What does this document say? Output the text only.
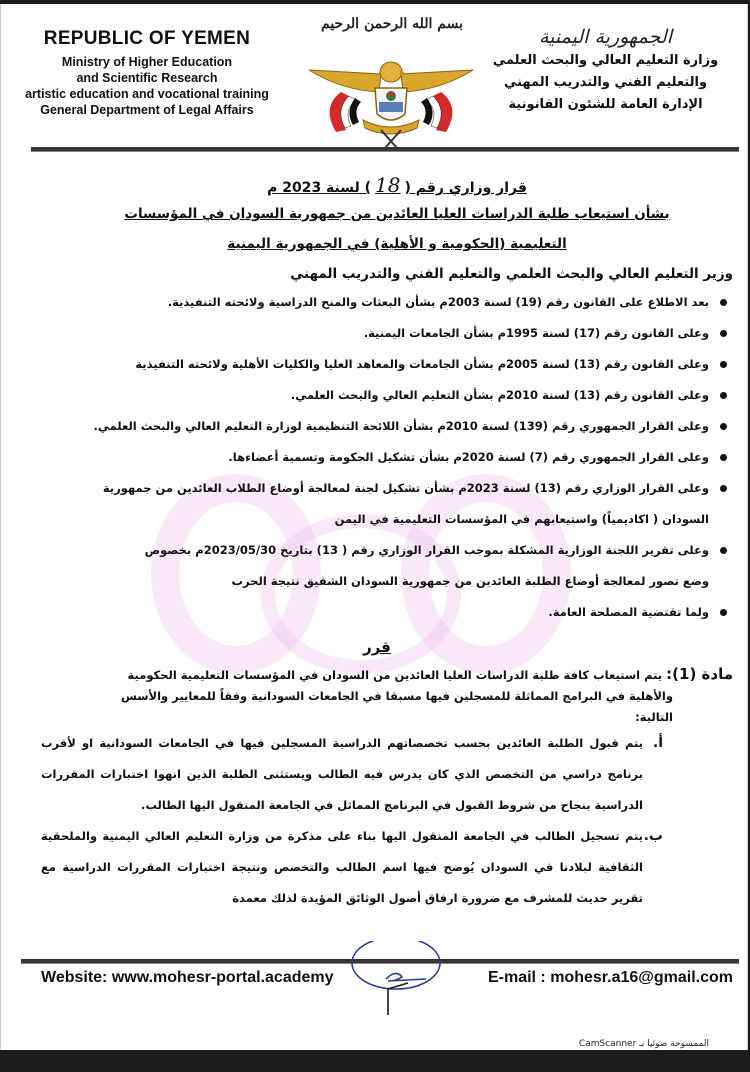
REPUBLIC OF YEMEN
Ministry of Higher Education
and Scientific Research
artistic education and vocational training
General Department of Legal Affairs
بسم الله الرحمن الرحيم
الجمهورية اليمنية
وزارة التعليم العالي والبحث العلمي
والتعليم الفني والتدريب المهني
الإدارة العامة للشئون القانونية
قرار وزاري رقم (18) لسنة 2023 م
بشأن استيعاب طلبة الدراسات العليا العائدين من جمهورية السودان في المؤسسات
التعليمية (الحكومية و الأهلية) في الجمهورية اليمنية
وزير التعليم العالي والبحث العلمي والتعليم الفني والتدريب المهني
بعد الاطلاع على القانون رقم (19) لسنة 2003م بشأن البعثات والمنح الدراسية ولائحته التنفيذية.
وعلى القانون رقم (17) لسنة 1995م بشأن الجامعات اليمنية.
وعلى القانون رقم (13) لسنة 2005م بشأن الجامعات والمعاهد العليا والكليات الأهلية ولائحته التنفيذية
وعلى القانون رقم (13) لسنة 2010م بشأن التعليم العالي والبحث العلمي.
وعلى القرار الجمهوري رقم (139) لسنة 2010م بشأن اللائحة التنظيمية لوزارة التعليم العالي والبحث العلمي.
وعلى القرار الجمهوري رقم (7) لسنة 2020م بشأن تشكيل الحكومة وتسمية أعضاءها.
وعلى القرار الوزاري رقم (13) لسنة 2023م بشأن تشكيل لجنة لمعالجة أوضاع الطلاب العائدين من جمهورية
السودان ( اكاديمياً) واستيعابهم في المؤسسات التعليمية في اليمن
وعلى تقرير اللجنة الوزارية المشكلة بموجب القرار الوزاري رقم ( 13) بتاريخ 2023/05/30م بخصوص
وضع تصور لمعالجة أوضاع الطلبة العائدين من جمهورية السودان الشقيق نتيجة الحرب
ولما تقتضية المصلحة العامة.
قرر
مادة (1): يتم استيعاب كافة طلبة الدراسات العليا العائدين من السودان في المؤسسات التعليمية الحكومية
والأهلية في البرامج المماثلة للمسجلين فيها مسبقا في الجامعات السودانية وفقاً للمعايير والأسس
التالية:
أ.
يتم قبول الطلبة العائدين بحسب تخصصاتهم الدراسية المسجلين فيها في الجامعات السودانية او لأقرب برنامج دراسي من التخصص الذي كان يدرس فيه الطالب ويستثنى الطلبة الذين انهوا اختبارات المقررات الدراسية بنجاح من شروط القبول في البرنامج المماثل في الجامعة المنقول اليها الطالب.
ب.
يتم تسجيل الطالب في الجامعة المنقول اليها بناء على مذكرة من وزارة التعليم العالي اليمنية والملحقية الثقافية لبلادنا في السودان يُوضح فيها اسم الطالب والتخصص ونتيجة اختبارات المقررات الدراسية مع تقرير حديث للمشرف مع ضرورة ارفاق أصول الوثائق المؤيدة لذلك معمدة
Website: www.mohesr-portal.academy	E-mail : mohesr.a16@gmail.com
الممسوحة ضوئيا بـ CamScanner
